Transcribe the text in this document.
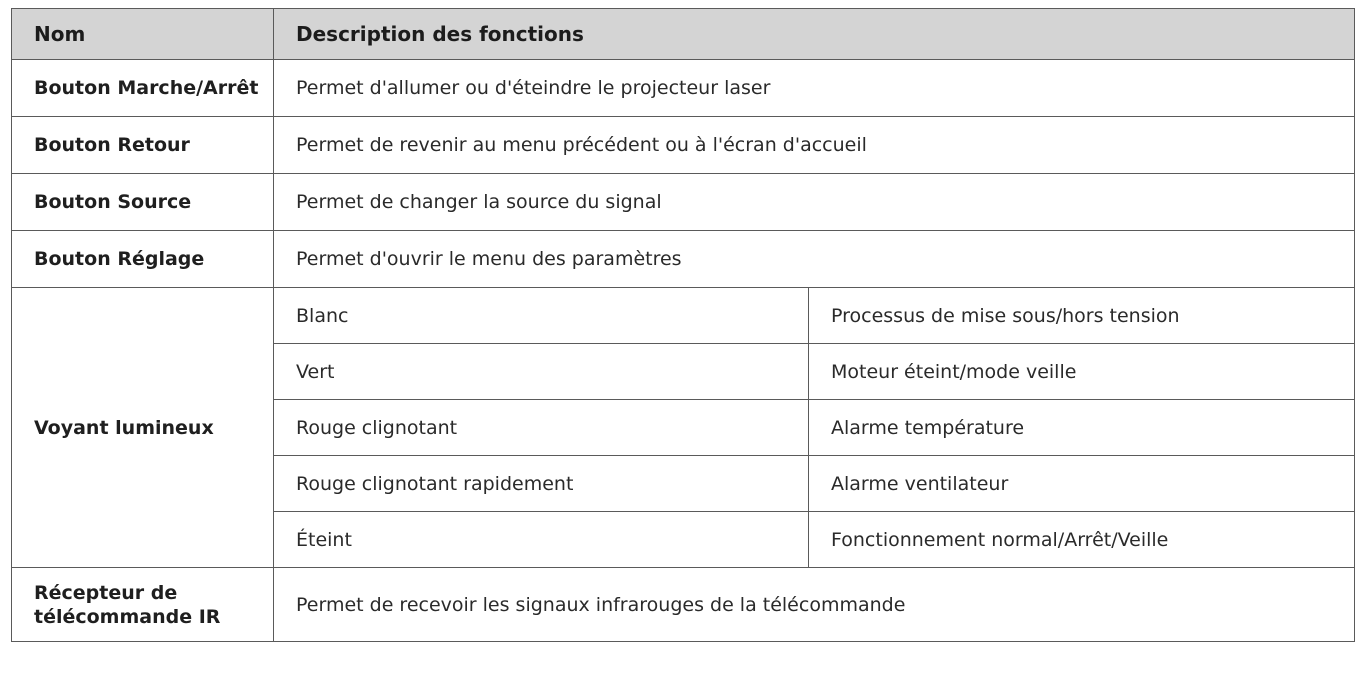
Nom	Description des fonctions	
Bouton Marche/Arrêt	Permet d'allumer ou d'éteindre le projecteur laser	
Bouton Retour	Permet de revenir au menu précédent ou à l'écran d'accueil	
Bouton Source	Permet de changer la source du signal	
Bouton Réglage	Permet d'ouvrir le menu des paramètres	
Voyant lumineux	Blanc	Processus de mise sous/hors tension
	Vert	Moteur éteint/mode veille
	Rouge clignotant	Alarme température
	Rouge clignotant rapidement	Alarme ventilateur
	Éteint	Fonctionnement normal/Arrêt/Veille
Récepteur de
télécommande IR	Permet de recevoir les signaux infrarouges de la télécommande	
